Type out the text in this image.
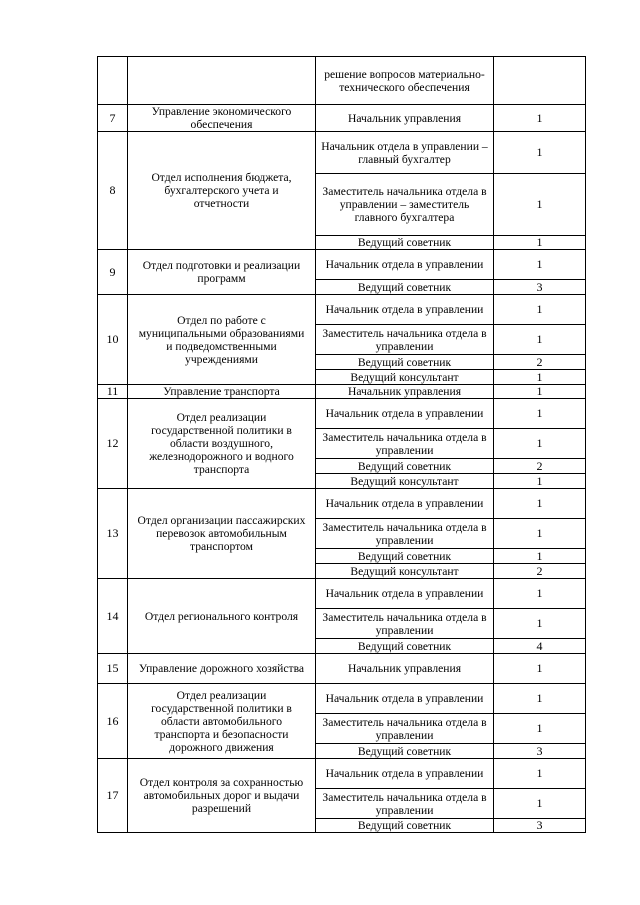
		решение вопросов материально-технического обеспечения	
7	Управление экономического обеспечения	Начальник управления	1
8	Отдел исполнения бюджета, бухгалтерского учета и отчетности	Начальник отдела в управлении – главный бухгалтер	1
		Заместитель начальника отдела в управлении – заместитель главного бухгалтера	1
		Ведущий советник	1
9	Отдел подготовки и реализации программ	Начальник отдела в управлении	1
		Ведущий советник	3
10	Отдел по работе с муниципальными образованиями и подведомственными учреждениями	Начальник отдела в управлении	1
		Заместитель начальника отдела в управлении	1
		Ведущий советник	2
		Ведущий консультант	1
11	Управление транспорта	Начальник управления	1
12	Отдел реализации государственной политики в области воздушного, железнодорожного и водного транспорта	Начальник отдела в управлении	1
		Заместитель начальника отдела в управлении	1
		Ведущий советник	2
		Ведущий консультант	1
13	Отдел организации пассажирских перевозок автомобильным транспортом	Начальник отдела в управлении	1
		Заместитель начальника отдела в управлении	1
		Ведущий советник	1
		Ведущий консультант	2
14	Отдел регионального контроля	Начальник отдела в управлении	1
		Заместитель начальника отдела в управлении	1
		Ведущий советник	4
15	Управление дорожного хозяйства	Начальник управления	1
16	Отдел реализации государственной политики в области автомобильного транспорта и безопасности дорожного движения	Начальник отдела в управлении	1
		Заместитель начальника отдела в управлении	1
		Ведущий советник	3
17	Отдел контроля за сохранностью автомобильных дорог и выдачи разрешений	Начальник отдела в управлении	1
		Заместитель начальника отдела в управлении	1
		Ведущий советник	3
